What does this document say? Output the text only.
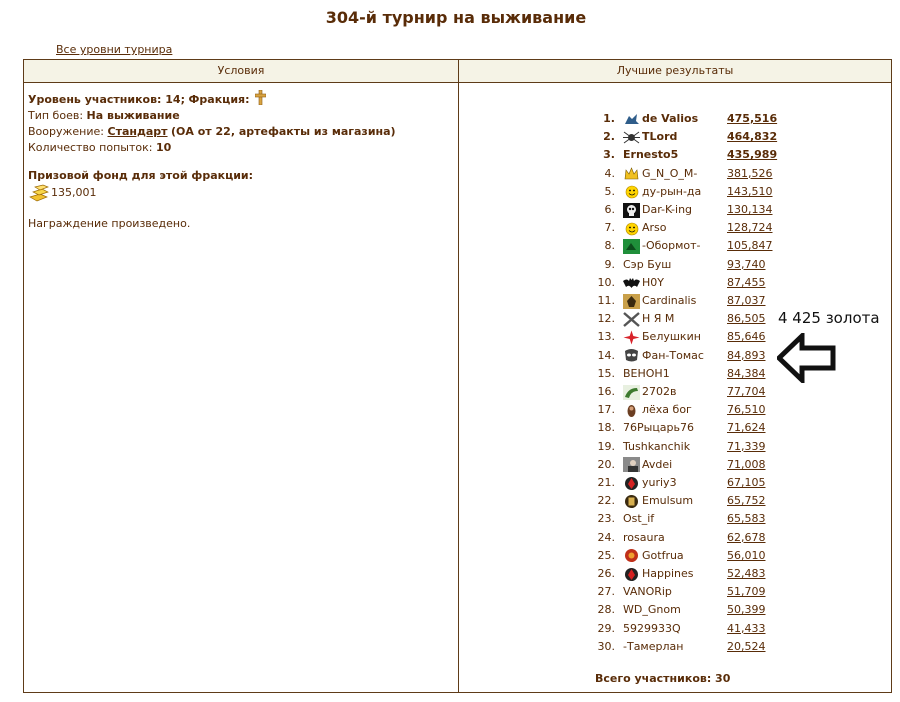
304-й турнир на выживание
Все уровни турнира
Условия
Уровень участников: 14; Фракция:
Тип боев: На выживание
Вооружение: Стандарт (ОА от 22, артефакты из магазина)
Количество попыток: 10
Призовой фонд для этой фракции:
135,001
Награждение произведено.
Лучшие результаты
1. de Valios	475,516
2. TLord	464,832
3. Ernesto5	435,989
4. G_N_O_M-	381,526
5. ду-рын-да 143,510
6. Dar-K-ing	130,134
7. Arso	128,724
8. -Обормот- 105,847
9. Сэр Буш	93,740
10. H0Y	87,455
11. Cardinalis	87,037
12. Н Я М	86,505
13. Белушкин 85,646
14. Фан-Томас 84,893
15. ВЕНОН1	84,384
16. 2702в	77,704
17. лёха бог	76,510
18. 76Рыцарь76	71,624
19. Tushkanchik	71,339
20. Avdei	71,008
21. yuriy3	67,105
22. Emulsum	65,752
23. Ost_if	65,583
24. rosaura	62,678
25. Gotfrua	56,010
26. Happines	52,483
27. VANORip	51,709
28. WD_Gnom	50,399
29. 5929933Q	41,433
30. -Тамерлан	20,524
Всего участников: 30
4 425 золота
